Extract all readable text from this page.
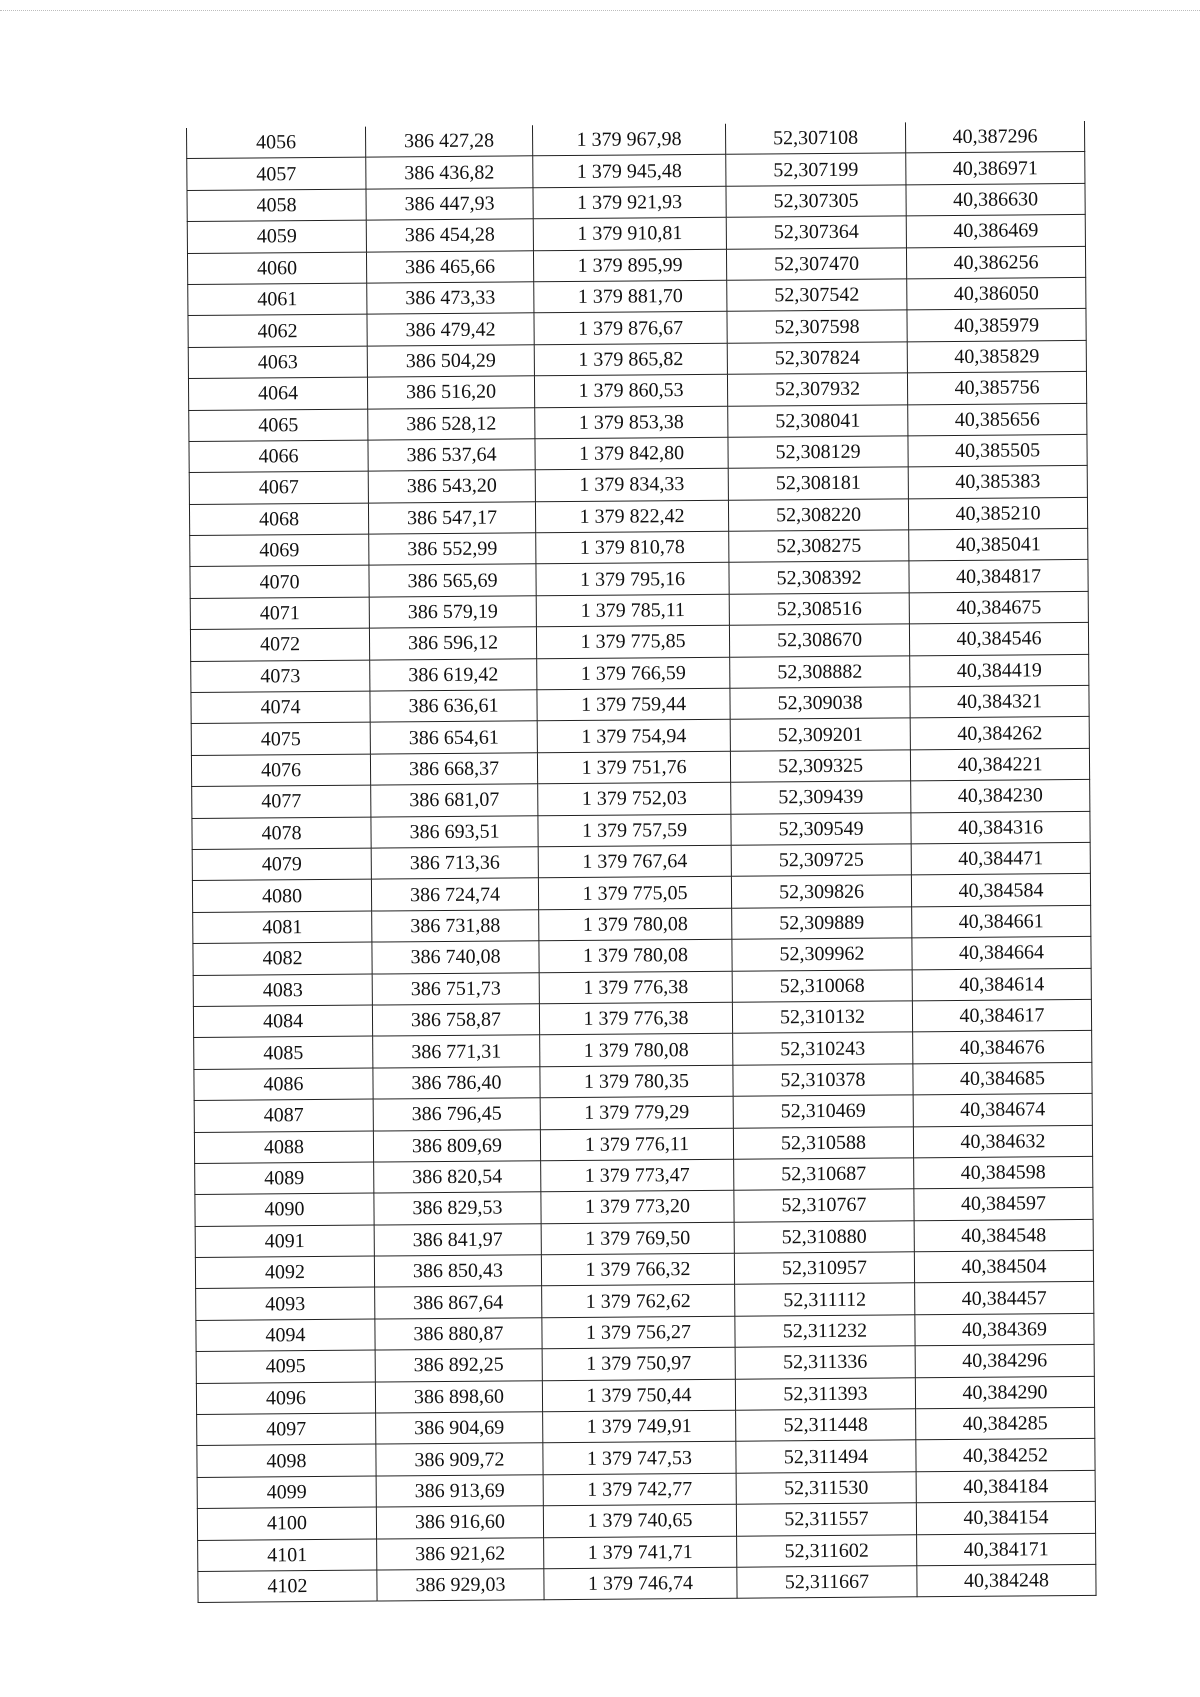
4056	386 427,28	1 379 967,98	52,307108	40,387296
4057	386 436,82	1 379 945,48	52,307199	40,386971
4058	386 447,93	1 379 921,93	52,307305	40,386630
4059	386 454,28	1 379 910,81	52,307364	40,386469
4060	386 465,66	1 379 895,99	52,307470	40,386256
4061	386 473,33	1 379 881,70	52,307542	40,386050
4062	386 479,42	1 379 876,67	52,307598	40,385979
4063	386 504,29	1 379 865,82	52,307824	40,385829
4064	386 516,20	1 379 860,53	52,307932	40,385756
4065	386 528,12	1 379 853,38	52,308041	40,385656
4066	386 537,64	1 379 842,80	52,308129	40,385505
4067	386 543,20	1 379 834,33	52,308181	40,385383
4068	386 547,17	1 379 822,42	52,308220	40,385210
4069	386 552,99	1 379 810,78	52,308275	40,385041
4070	386 565,69	1 379 795,16	52,308392	40,384817
4071	386 579,19	1 379 785,11	52,308516	40,384675
4072	386 596,12	1 379 775,85	52,308670	40,384546
4073	386 619,42	1 379 766,59	52,308882	40,384419
4074	386 636,61	1 379 759,44	52,309038	40,384321
4075	386 654,61	1 379 754,94	52,309201	40,384262
4076	386 668,37	1 379 751,76	52,309325	40,384221
4077	386 681,07	1 379 752,03	52,309439	40,384230
4078	386 693,51	1 379 757,59	52,309549	40,384316
4079	386 713,36	1 379 767,64	52,309725	40,384471
4080	386 724,74	1 379 775,05	52,309826	40,384584
4081	386 731,88	1 379 780,08	52,309889	40,384661
4082	386 740,08	1 379 780,08	52,309962	40,384664
4083	386 751,73	1 379 776,38	52,310068	40,384614
4084	386 758,87	1 379 776,38	52,310132	40,384617
4085	386 771,31	1 379 780,08	52,310243	40,384676
4086	386 786,40	1 379 780,35	52,310378	40,384685
4087	386 796,45	1 379 779,29	52,310469	40,384674
4088	386 809,69	1 379 776,11	52,310588	40,384632
4089	386 820,54	1 379 773,47	52,310687	40,384598
4090	386 829,53	1 379 773,20	52,310767	40,384597
4091	386 841,97	1 379 769,50	52,310880	40,384548
4092	386 850,43	1 379 766,32	52,310957	40,384504
4093	386 867,64	1 379 762,62	52,311112	40,384457
4094	386 880,87	1 379 756,27	52,311232	40,384369
4095	386 892,25	1 379 750,97	52,311336	40,384296
4096	386 898,60	1 379 750,44	52,311393	40,384290
4097	386 904,69	1 379 749,91	52,311448	40,384285
4098	386 909,72	1 379 747,53	52,311494	40,384252
4099	386 913,69	1 379 742,77	52,311530	40,384184
4100	386 916,60	1 379 740,65	52,311557	40,384154
4101	386 921,62	1 379 741,71	52,311602	40,384171
4102	386 929,03	1 379 746,74	52,311667	40,384248
